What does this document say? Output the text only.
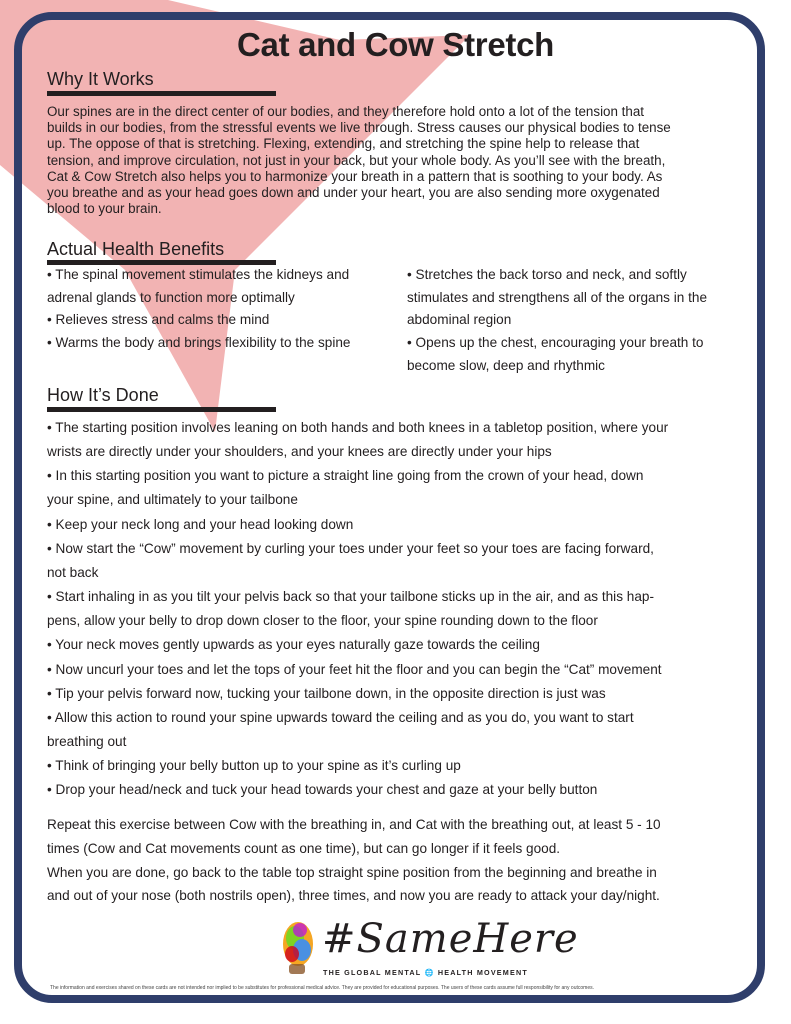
Cat and Cow Stretch
Why It Works
Our spines are in the direct center of our bodies, and they therefore hold onto a lot of the tension that
builds in our bodies, from the stressful events we live through. Stress causes our physical bodies to tense
up. The oppose of that is stretching. Flexing, extending, and stretching the spine help to release that
tension, and improve circulation, not just in your back, but your whole body. As you’ll see with the breath,
Cat & Cow Stretch also helps you to harmonize your breath in a pattern that is soothing to your body. As
you breathe and as your head goes down and under your heart, you are also sending more oxygenated
blood to your brain.
Actual Health Benefits
• The spinal movement stimulates the kidneys and
adrenal glands to function more optimally
• Relieves stress and calms the mind
• Warms the body and brings flexibility to the spine
• Stretches the back torso and neck, and softly
stimulates and strengthens all of the organs in the
abdominal region
• Opens up the chest, encouraging your breath to
become slow, deep and rhythmic
How It’s Done
• The starting position involves leaning on both hands and both knees in a tabletop position, where your
wrists are directly under your shoulders, and your knees are directly under your hips
• In this starting position you want to picture a straight line going from the crown of your head, down
your spine, and ultimately to your tailbone
• Keep your neck long and your head looking down
• Now start the “Cow” movement by curling your toes under your feet so your toes are facing forward,
not back
• Start inhaling in as you tilt your pelvis back so that your tailbone sticks up in the air, and as this hap-
pens, allow your belly to drop down closer to the floor, your spine rounding down to the floor
• Your neck moves gently upwards as your eyes naturally gaze towards the ceiling
• Now uncurl your toes and let the tops of your feet hit the floor and you can begin the “Cat” movement
• Tip your pelvis forward now, tucking your tailbone down, in the opposite direction is just was
• Allow this action to round your spine upwards toward the ceiling and as you do, you want to start
breathing out
• Think of bringing your belly button up to your spine as it’s curling up
• Drop your head/neck and tuck your head towards your chest and gaze at your belly button
Repeat this exercise between Cow with the breathing in, and Cat with the breathing out, at least 5 - 10
times (Cow and Cat movements count as one time), but can go longer if it feels good.
When you are done, go back to the table top straight spine position from the beginning and breathe in
and out of your nose (both nostrils open), three times, and now you are ready to attack your day/night.
#SameHere
THE GLOBAL MENTAL 🌐 HEALTH MOVEMENT
The information and exercises shared on these cards are not intended nor implied to be substitutes for professional medical advice. They are provided for educational purposes. The users of these cards assume full responsibility for any outcomes.
